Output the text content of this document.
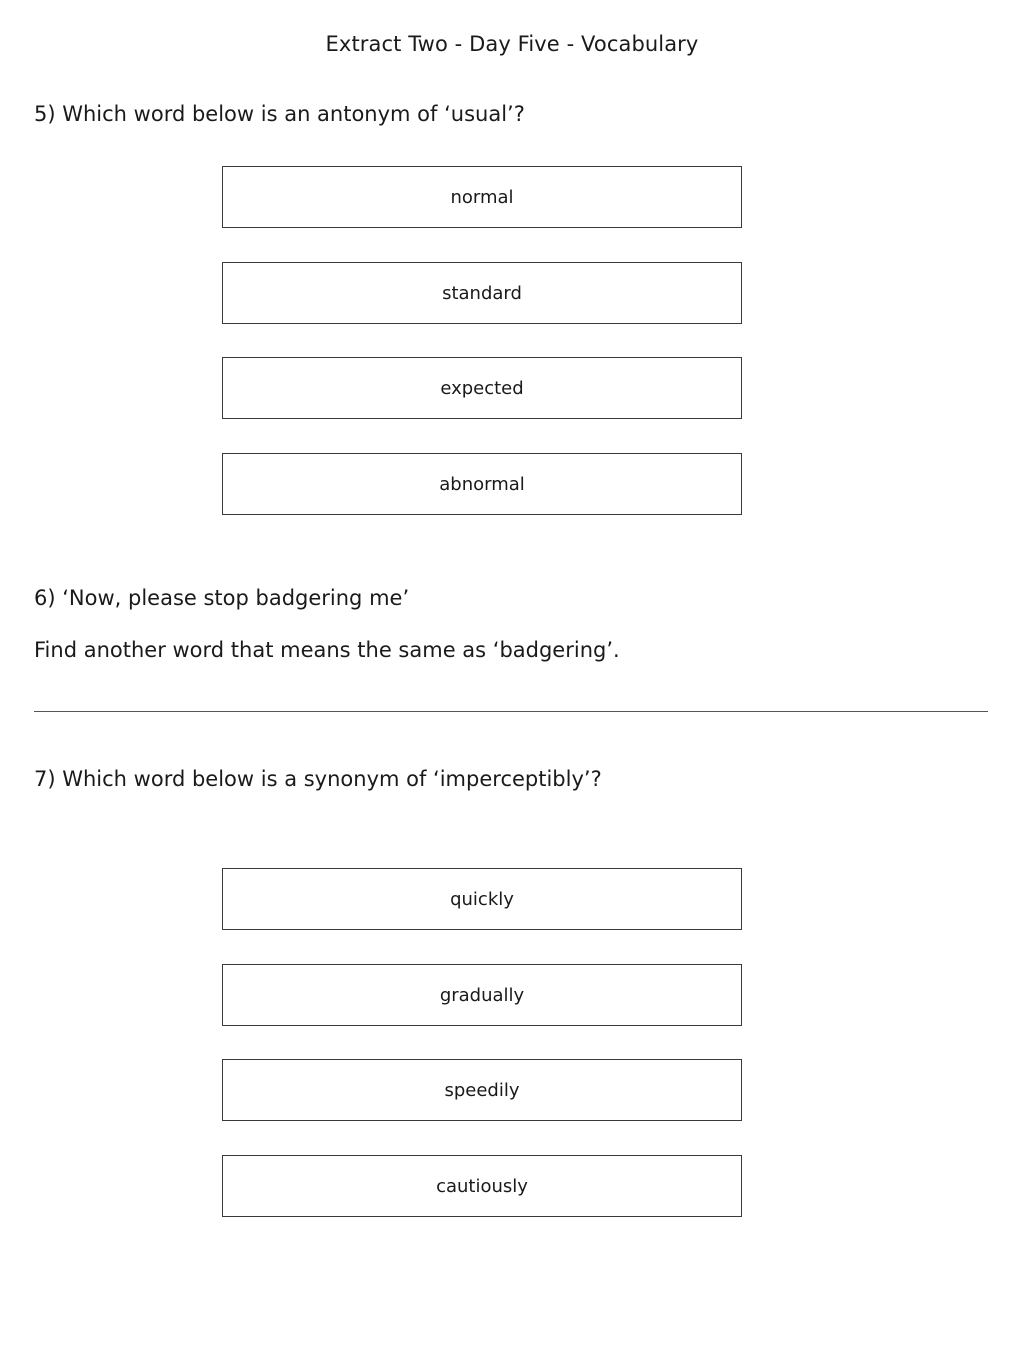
Extract Two - Day Five - Vocabulary
5) Which word below is an antonym of ‘usual’?
normal
standard
expected
abnormal
6) ‘Now, please stop badgering me’
Find another word that means the same as ‘badgering’.
7) Which word below is a synonym of ‘imperceptibly’?
quickly
gradually
speedily
cautiously
